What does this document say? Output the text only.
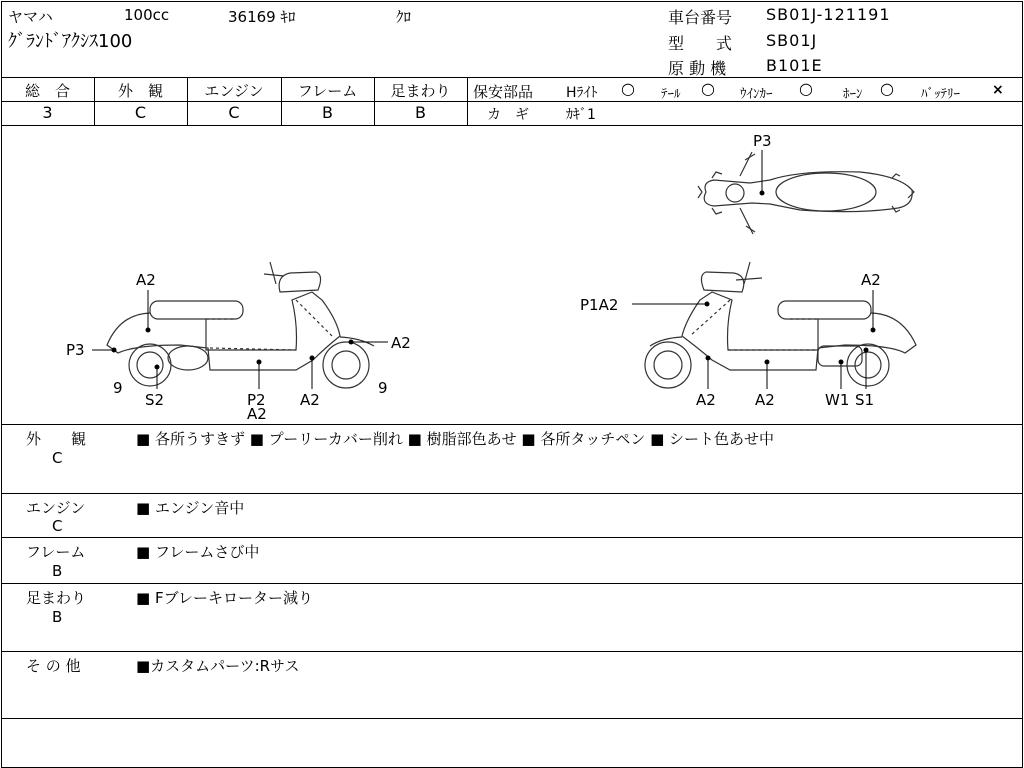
ヤマハ	100cc	36169 ｷﾛ	ｸﾛ
ｸﾞﾗﾝﾄﾞｱｸｼｽ100
車台番号 SB01J-121191
型　　式 SB01J
原 動 機 B101E
総　合
3
外　観
C
エンジン
C
フレーム
B
足まわり
B
保安部品 Hﾗｲﾄ ○ ﾃｰﾙ ○ ｳｲﾝｶｰ ○ ﾎｰﾝ ○ ﾊﾞｯﾃﾘｰ ×
カ　ギ	ｶｷﾞ1
P3
A2
P3	A2
9
S2	P2
A2
A2
9
P1A2
A2
A2	A2	W1 S1
外　　観
C
■ 各所うすきず ■ プーリーカバー削れ ■ 樹脂部色あせ ■ 各所タッチペン ■ シート色あせ中
エンジン
C
■ エンジン音中
フレーム
B
■ フレームさび中
足まわり
B
■ Fブレーキローター減り
そ の 他	■カスタムパーツ:Rサス
